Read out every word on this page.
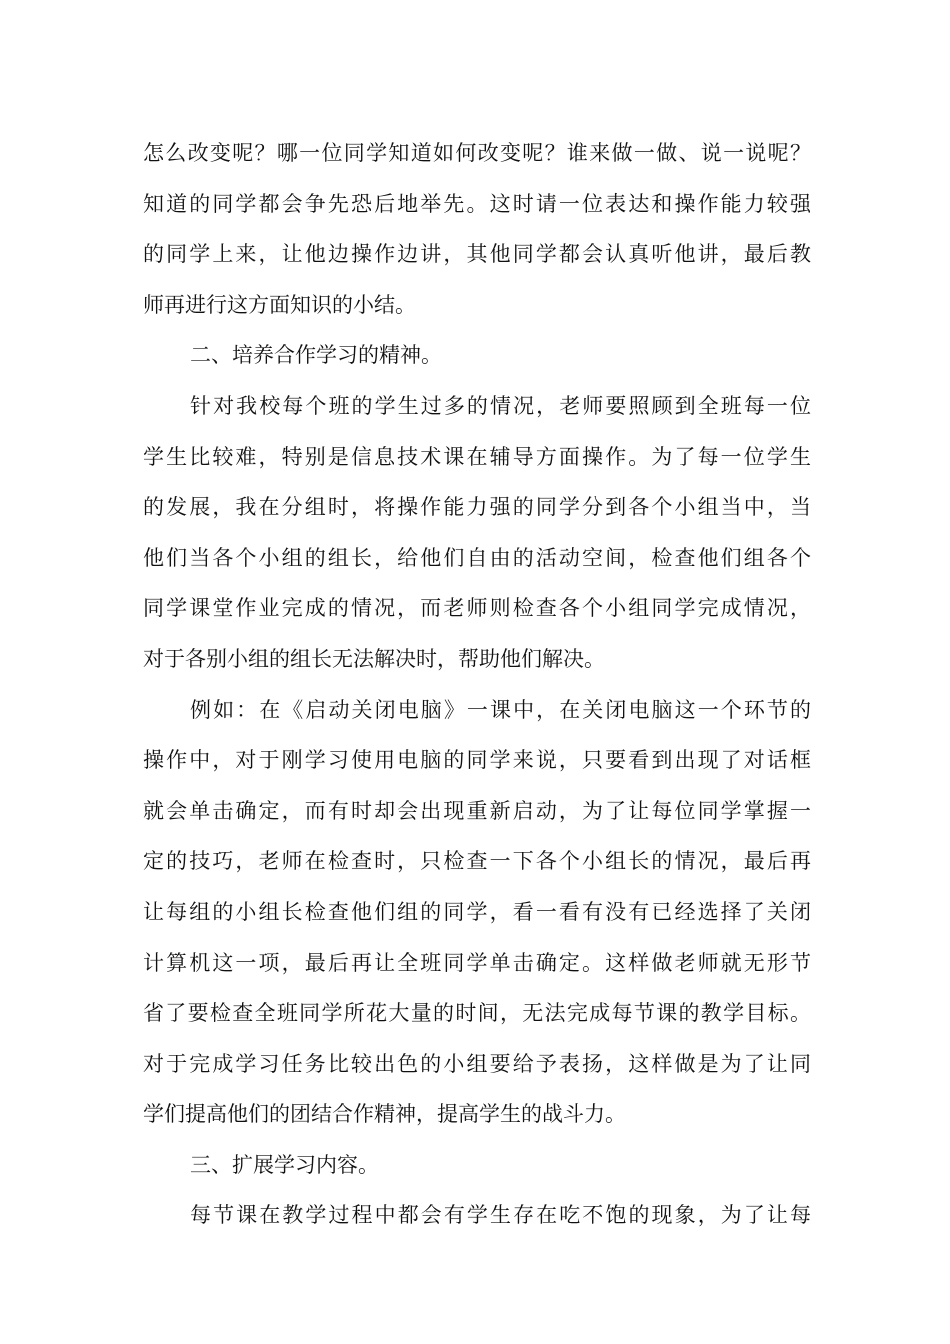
怎么改变呢？哪一位同学知道如何改变呢？谁来做一做、说一说呢？
知道的同学都会争先恐后地举先。这时请一位表达和操作能力较强
的同学上来，让他边操作边讲，其他同学都会认真听他讲，最后教
师再进行这方面知识的小结。
二、培养合作学习的精神。
针对我校每个班的学生过多的情况，老师要照顾到全班每一位
学生比较难，特别是信息技术课在辅导方面操作。为了每一位学生
的发展，我在分组时，将操作能力强的同学分到各个小组当中，当
他们当各个小组的组长，给他们自由的活动空间，检查他们组各个
同学课堂作业完成的情况，而老师则检查各个小组同学完成情况，
对于各别小组的组长无法解决时，帮助他们解决。
例如：在《启动关闭电脑》一课中，在关闭电脑这一个环节的
操作中，对于刚学习使用电脑的同学来说，只要看到出现了对话框
就会单击确定，而有时却会出现重新启动，为了让每位同学掌握一
定的技巧，老师在检查时，只检查一下各个小组长的情况，最后再
让每组的小组长检查他们组的同学，看一看有没有已经选择了关闭
计算机这一项，最后再让全班同学单击确定。这样做老师就无形节
省了要检查全班同学所花大量的时间，无法完成每节课的教学目标。
对于完成学习任务比较出色的小组要给予表扬，这样做是为了让同
学们提高他们的团结合作精神，提高学生的战斗力。
三、扩展学习内容。
每节课在教学过程中都会有学生存在吃不饱的现象，为了让每
